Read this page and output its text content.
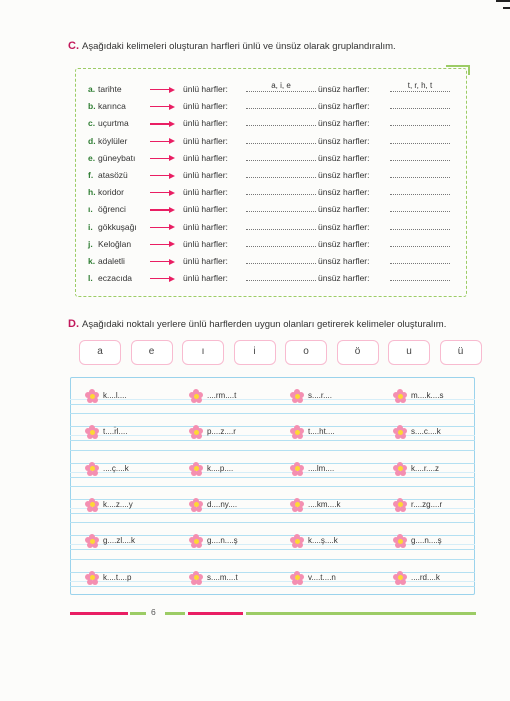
C. Aşağıdaki kelimeleri oluşturan harfleri ünlü ve ünsüz olarak gruplandıralım.
a. tarihte	ünlü harfler:	a, i, e	ünsüz harfler:	t, r, h, t
b. karınca	ünlü harfler:	ünsüz harfler:
c. uçurtma	ünlü harfler:	ünsüz harfler:
d. köylüler	ünlü harfler:	ünsüz harfler:
e. güneybatı	ünlü harfler:	ünsüz harfler:
f. atasözü	ünlü harfler:	ünsüz harfler:
h. koridor	ünlü harfler:	ünsüz harfler:
ı. öğrenci	ünlü harfler:	ünsüz harfler:
i. gökkuşağı	ünlü harfler:	ünsüz harfler:
j. Keloğlan	ünlü harfler:	ünsüz harfler:
k. adaletli	ünlü harfler:	ünsüz harfler:
l. eczacıda	ünlü harfler:	ünsüz harfler:
D. Aşağıdaki noktalı yerlere ünlü harflerden uygun olanları getirerek kelimeler oluşturalım.
a	e	ı	i	o	ö	u	ü
k....l....	....rm....t	s....r....	m....k....s
t....r̈l....	p....z....r	t....ht....	s....c....k
....ç....k	k....p....	....lm....	k....r....z
k....z....y	d....ny....	....km....k	r....zg....r
g....zl....k	g....n....ş	k....ş....k	g....n....ş
k....t....p	s....m....t	v....t....n	....rd....k
6
